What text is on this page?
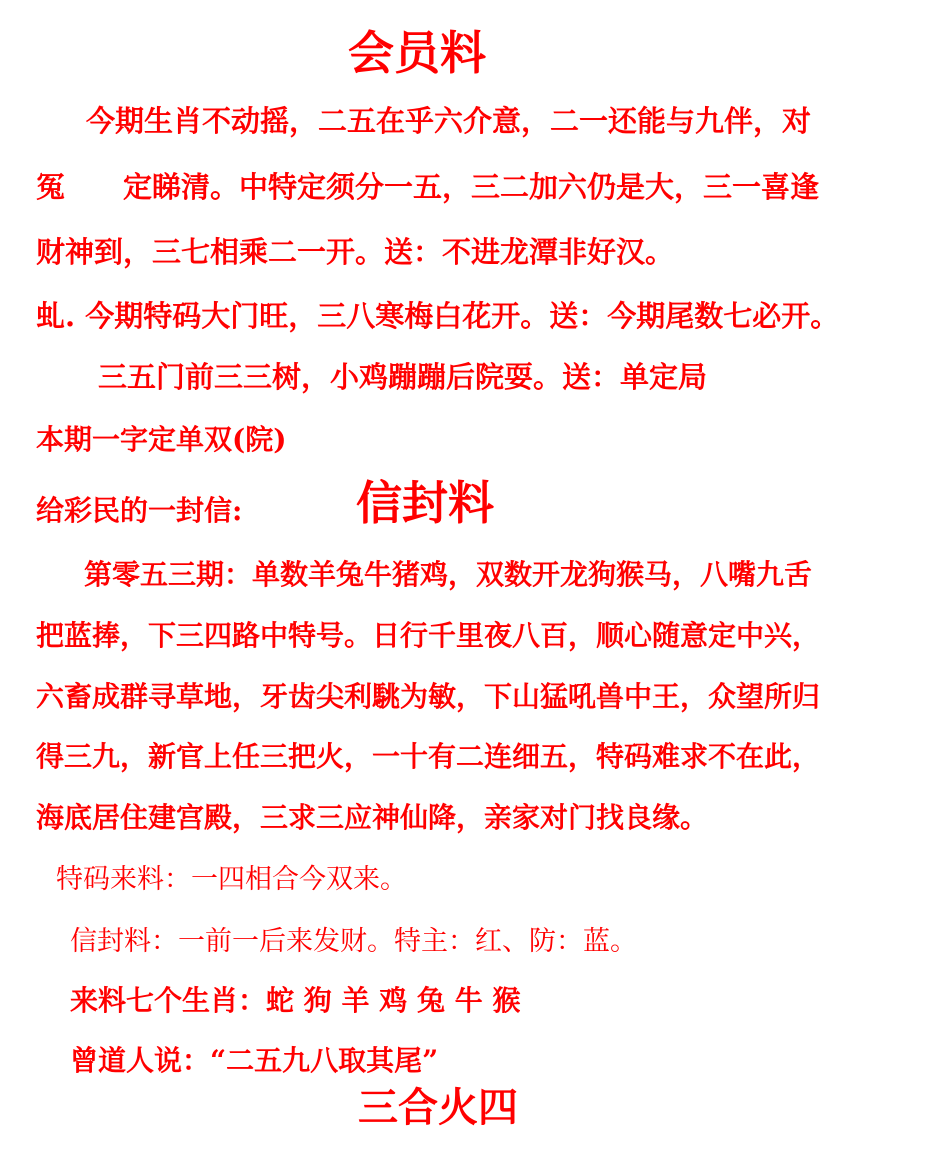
会员料
今期生肖不动摇，二五在乎六介意，二一还能与九伴，对
冤　　定睇清。中特定须分一五，三二加六仍是大，三一喜逢
财神到，三七相乘二一开。送：不进龙潭非好汉。
虬. 今期特码大门旺，三八寒梅白花开。送：今期尾数七必开。
三五门前三三树，小鸡蹦蹦后院耍。送：单定局
本期一字定单双(院)
给彩民的一封信: 信封料
第零五三期：单数羊兔牛猪鸡，双数开龙狗猴马，八嘴九舌
把蓝捧，下三四路中特号。日行千里夜八百，顺心随意定中兴，
六畜成群寻草地，牙齿尖利駣为敏，下山猛吼兽中王，众望所归
得三九，新官上任三把火，一十有二连细五，特码难求不在此，
海底居住建宫殿，三求三应神仙降，亲家对门找良缘。
特码来料：一四相合今双来。
信封料：一前一后来发财。特主：红、防：蓝。
来料七个生肖：蛇 狗 羊 鸡 兔 牛 猴
曾道人说：“二五九八取其尾”
三合火四
